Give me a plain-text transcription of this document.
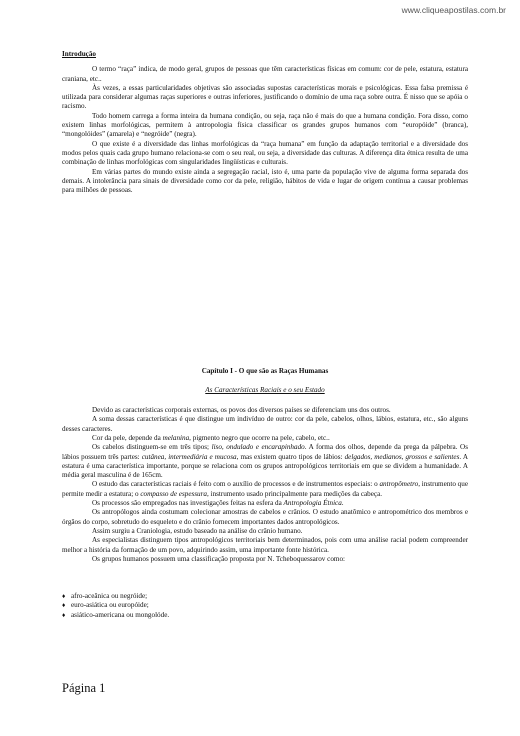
www.cliqueapostilas.com.br
Introdução

O termo “raça” indica, de modo geral, grupos de pessoas que têm características físicas em comum: cor de pele, estatura, estatura craniana, etc..

Às vezes, a essas particularidades objetivas são associadas supostas características morais e psicológicas. Essa falsa premissa é utilizada para considerar algumas raças superiores e outras inferiores, justificando o domínio de uma raça sobre outra. É nisso que se apóia o racismo.

Todo homem carrega a forma inteira da humana condição, ou seja, raça não é mais do que a humana condição. Fora disso, como existem linhas morfológicas, permitem à antropologia física classificar os grandes grupos humanos com “europóide” (branca), “mongolóides” (amarela) e “negróide” (negra).

O que existe é a diversidade das linhas morfológicas da “raça humana” em função da adaptação territorial e a diversidade dos modos pelos quais cada grupo humano relaciona-se com o seu real, ou seja, a diversidade das culturas. A diferença dita étnica resulta de uma combinação de linhas morfológicas com singularidades lingüísticas e culturais.

Em várias partes do mundo existe ainda a segregação racial, isto é, uma parte da população vive de alguma forma separada dos demais. A intolerância para sinais de diversidade como cor da pele, religião, hábitos de vida e lugar de origem contínua a causar problemas para milhões de pessoas.

Capítulo I - O que são as Raças Humanas
As Características Raciais e o seu Estado

Devido as características corporais externas, os povos dos diversos países se diferenciam uns dos outros.

A soma dessas características é que distingue um indivíduo de outro: cor da pele, cabelos, olhos, lábios, estatura, etc., são alguns desses caracteres.

Cor da pele, depende da melanina, pigmento negro que ocorre na pele, cabelo, etc..

Os cabelos distinguem-se em três tipos; liso, ondulado e encarapinhado. A forma dos olhos, depende da prega da pálpebra. Os lábios possuem três partes: cutânea, intermediária e mucosa, mas existem quatro tipos de lábios: delgados, medianos, grossos e salientes. A estatura é uma característica importante, porque se relaciona com os grupos antropológicos territoriais em que se dividem a humanidade. A média geral masculina é de 165cm.

O estudo das características raciais é feito com o auxílio de processos e de instrumentos especiais: o antropômetro, instrumento que permite medir a estatura; o compasso de espessura, instrumento usado principalmente para medições da cabeça.

Os processos são empregados nas investigações feitas na esfera da Antropologia Étnica.

Os antropólogos ainda costumam colecionar amostras de cabelos e crânios. O estudo anatômico e antropométrico dos membros e órgãos do corpo, sobretudo do esqueleto e do crânio fornecem importantes dados antropológicos.

Assim surgiu a Craniologia, estudo baseado na análise do crânio humano.

As especialistas distinguem tipos antropológicos territoriais bem determinados, pois com uma análise racial podem compreender melhor a história da formação de um povo, adquirindo assim, uma importante fonte histórica.

Os grupos humanos possuem uma classificação proposta por N. Tcheboquessarov como:

♦ afro-aceânica ou negróide;
♦ euro-asiática ou europóide;
♦ asiático-americana ou mongolóde.
Página 1
